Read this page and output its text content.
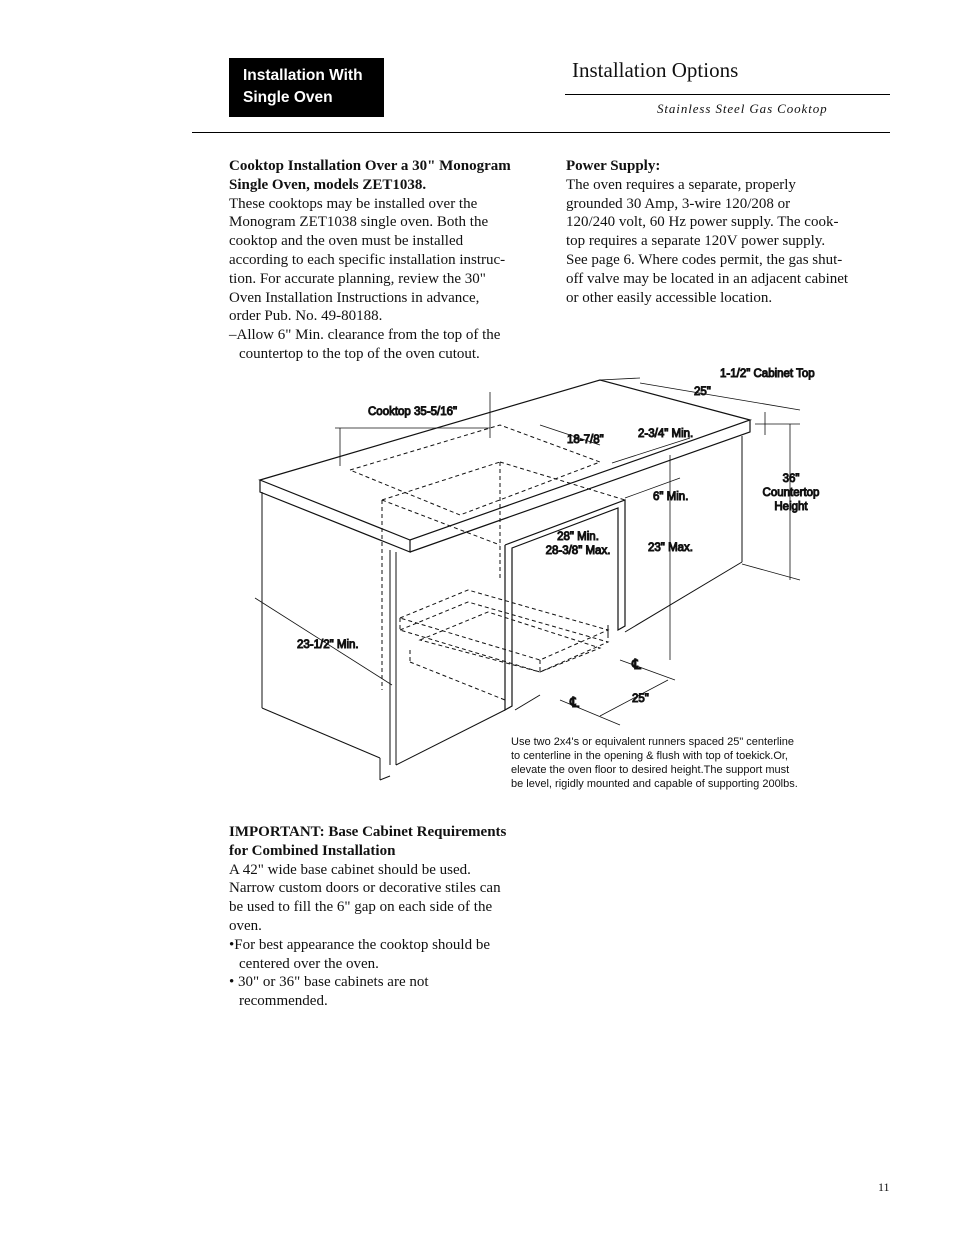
Installation With
Single Oven
Installation Options
Stainless Steel Gas Cooktop

Cooktop Installation Over a 30" Monogram

Single Oven, models ZET1038.

These cooktops may be installed over the

Monogram ZET1038 single oven. Both the

cooktop and the oven must be installed

according to each specific installation instruc-

tion. For accurate planning, review the 30"

Oven Installation Instructions in advance,

order Pub. No. 49-80188.

–Allow 6" Min. clearance from the top of the

countertop to the top of the oven cutout.

Power Supply:

The oven requires a separate, properly

grounded 30 Amp, 3-wire 120/208 or

120/240 volt, 60 Hz power supply. The cook-

top requires a separate 120V power supply.

See page 6. Where codes permit, the gas shut-

off valve may be located in an adjacent cabinet

or other easily accessible location.

1-1/2" Cabinet Top
25"
Cooktop 35-5/16"
18-7/8"	2-3/4" Min.
36"
Countertop
Height
6" Min.
28" Min.
28-3/8" Max.	23" Max.
23-1/2" Min.
℄
℄	25"
Use two 2x4's or equivalent runners spaced 25" centerline
to centerline in the opening & flush with top of toekick.Or,
elevate the oven floor to desired height.The support must
be level, rigidly mounted and capable of supporting 200lbs.

IMPORTANT: Base Cabinet Requirements

for Combined Installation

A 42" wide base cabinet should be used.

Narrow custom doors or decorative stiles can

be used to fill the 6" gap on each side of the

oven.

•For best appearance the cooktop should be

centered over the oven.

• 30" or 36" base cabinets are not

recommended.

11
